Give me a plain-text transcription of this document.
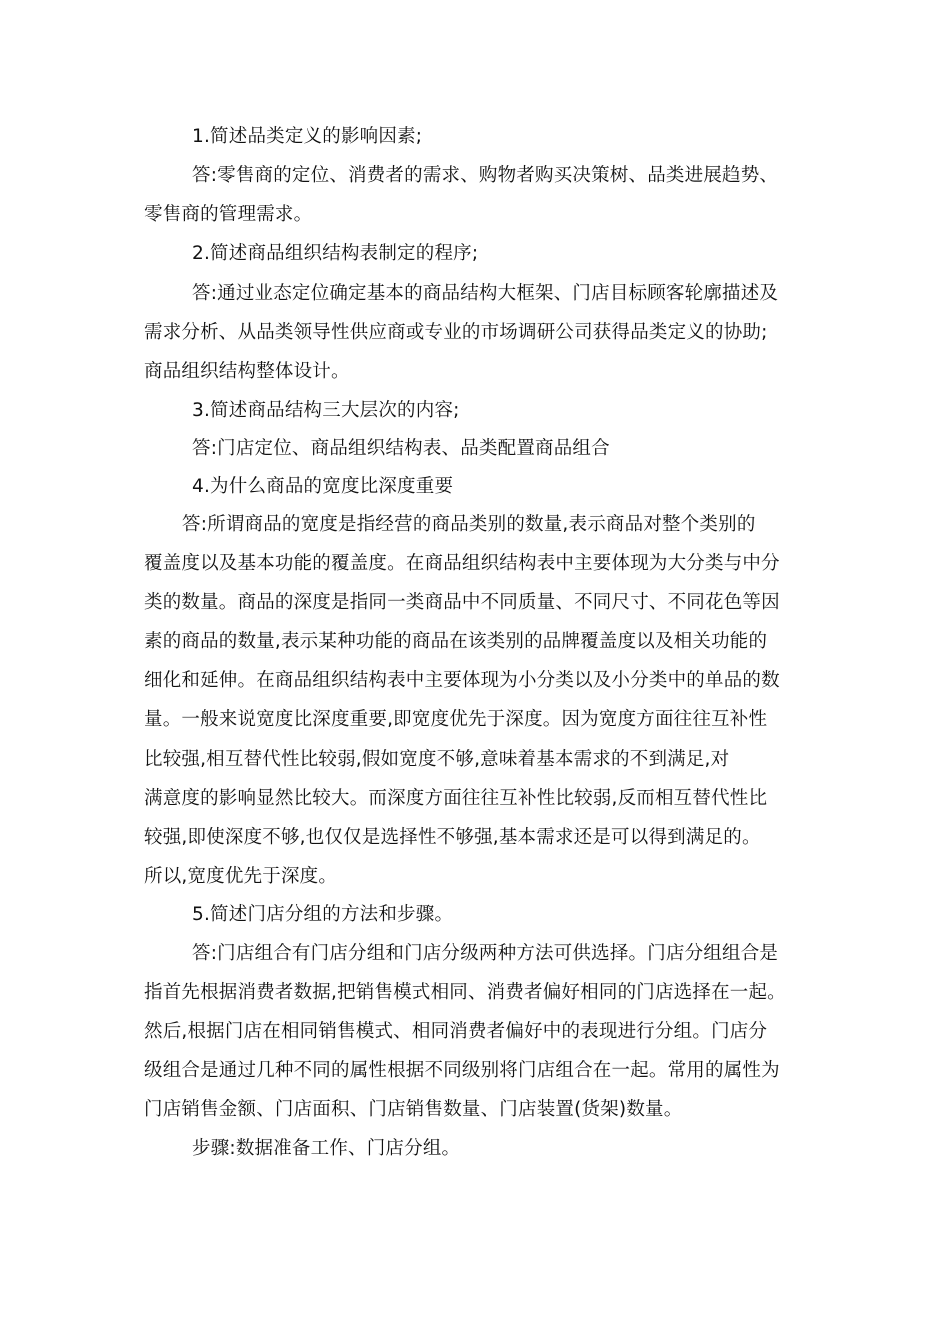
1.简述品类定义的影响因素;
答:零售商的定位、消费者的需求、购物者购买决策树、品类进展趋势、
零售商的管理需求。
2.简述商品组织结构表制定的程序;
答:通过业态定位确定基本的商品结构大框架、门店目标顾客轮廓描述及
需求分析、从品类领导性供应商或专业的市场调研公司获得品类定义的协助;
商品组织结构整体设计。
3.简述商品结构三大层次的内容;
答:门店定位、商品组织结构表、品类配置商品组合
4.为什么商品的宽度比深度重要
答:所谓商品的宽度是指经营的商品类别的数量,表示商品对整个类别的
覆盖度以及基本功能的覆盖度。在商品组织结构表中主要体现为大分类与中分
类的数量。商品的深度是指同一类商品中不同质量、不同尺寸、不同花色等因
素的商品的数量,表示某种功能的商品在该类别的品牌覆盖度以及相关功能的
细化和延伸。在商品组织结构表中主要体现为小分类以及小分类中的单品的数
量。一般来说宽度比深度重要,即宽度优先于深度。因为宽度方面往往互补性
比较强,相互替代性比较弱,假如宽度不够,意味着基本需求的不到满足,对
满意度的影响显然比较大。而深度方面往往互补性比较弱,反而相互替代性比
较强,即使深度不够,也仅仅是选择性不够强,基本需求还是可以得到满足的。
所以,宽度优先于深度。
5.简述门店分组的方法和步骤。
答:门店组合有门店分组和门店分级两种方法可供选择。门店分组组合是
指首先根据消费者数据,把销售模式相同、消费者偏好相同的门店选择在一起。
然后,根据门店在相同销售模式、相同消费者偏好中的表现进行分组。门店分
级组合是通过几种不同的属性根据不同级别将门店组合在一起。常用的属性为
门店销售金额、门店面积、门店销售数量、门店装置(货架)数量。
步骤:数据准备工作、门店分组。
